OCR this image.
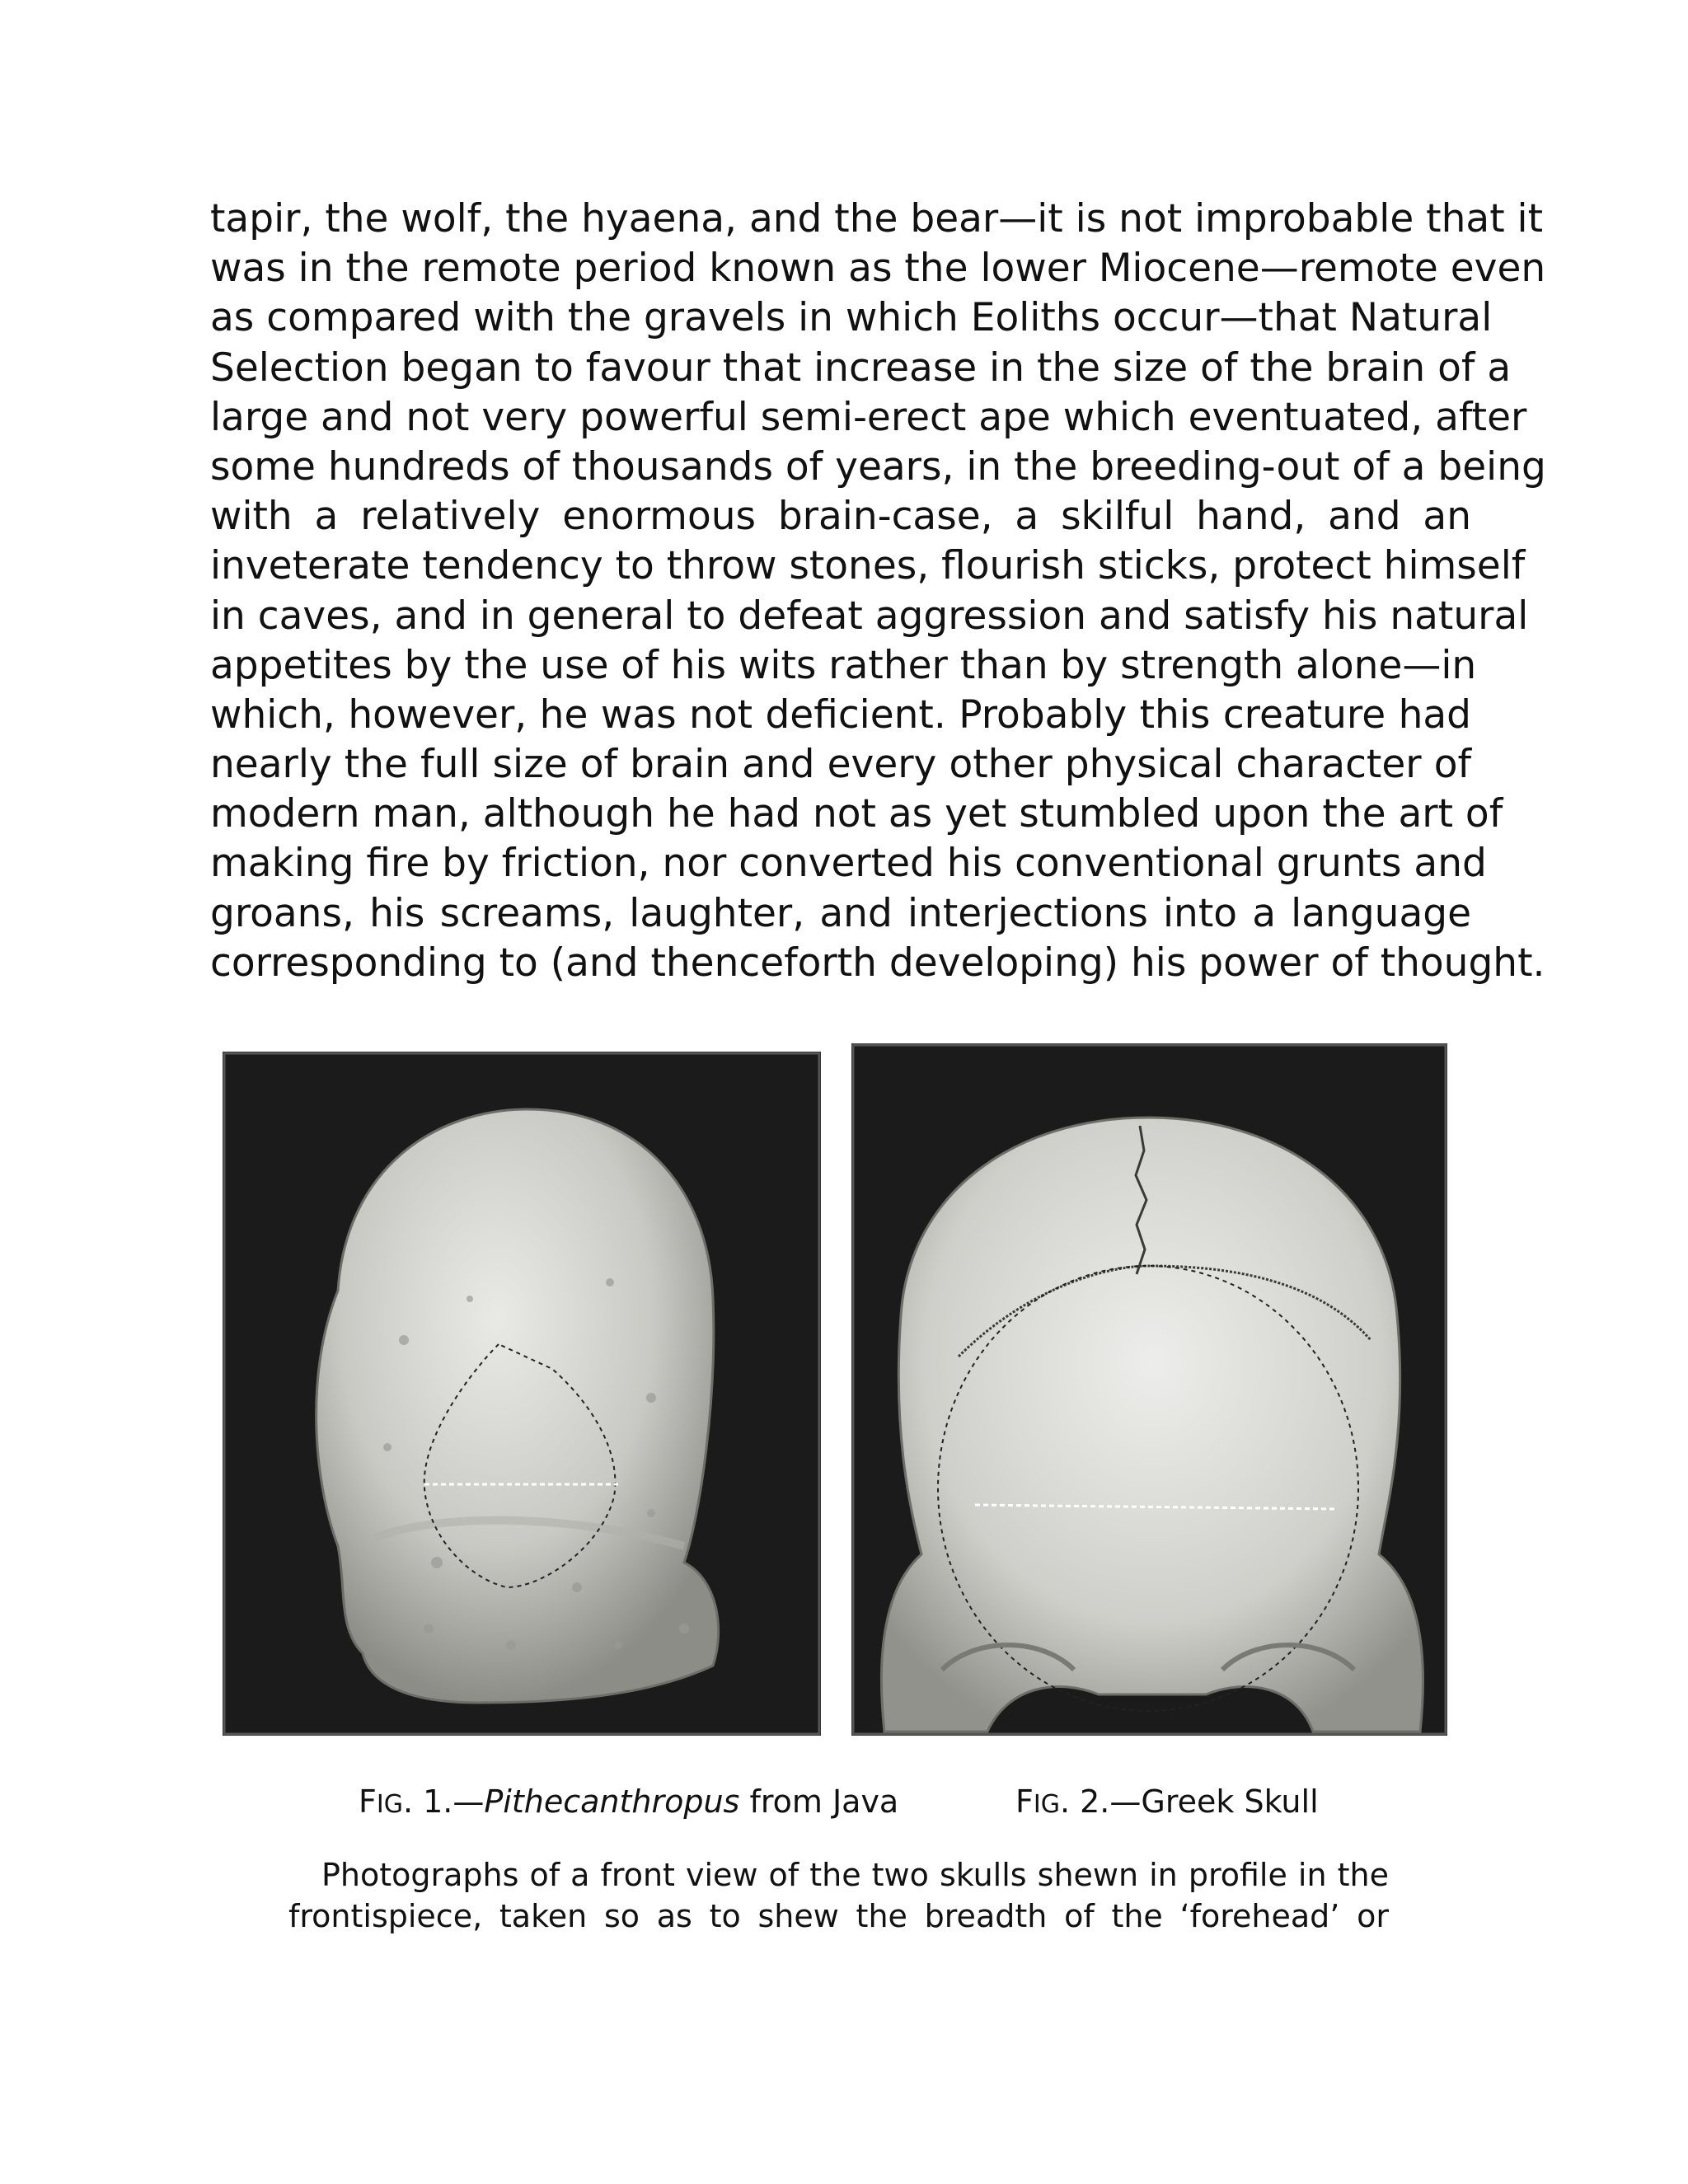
tapir, the wolf, the hyaena, and the bear—it is not improbable that it
was in the remote period known as the lower Miocene—remote even
as compared with the gravels in which Eoliths occur—that Natural
Selection began to favour that increase in the size of the brain of a
large and not very powerful semi-erect ape which eventuated, after
some hundreds of thousands of years, in the breeding-out of a being
with a relatively enormous brain-case, a skilful hand, and an
inveterate tendency to throw stones, flourish sticks, protect himself
in caves, and in general to defeat aggression and satisfy his natural
appetites by the use of his wits rather than by strength alone—in
which, however, he was not deficient. Probably this creature had
nearly the full size of brain and every other physical character of
modern man, although he had not as yet stumbled upon the art of
making fire by friction, nor converted his conventional grunts and
groans, his screams, laughter, and interjections into a language
corresponding to (and thenceforth developing) his power of thought.
FIG. 1.—Pithecanthropus from Java	FIG. 2.—Greek Skull
Photographs of a front view of the two skulls shewn in profile in the
frontispiece, taken so as to shew the breadth of the ‘forehead’ or
